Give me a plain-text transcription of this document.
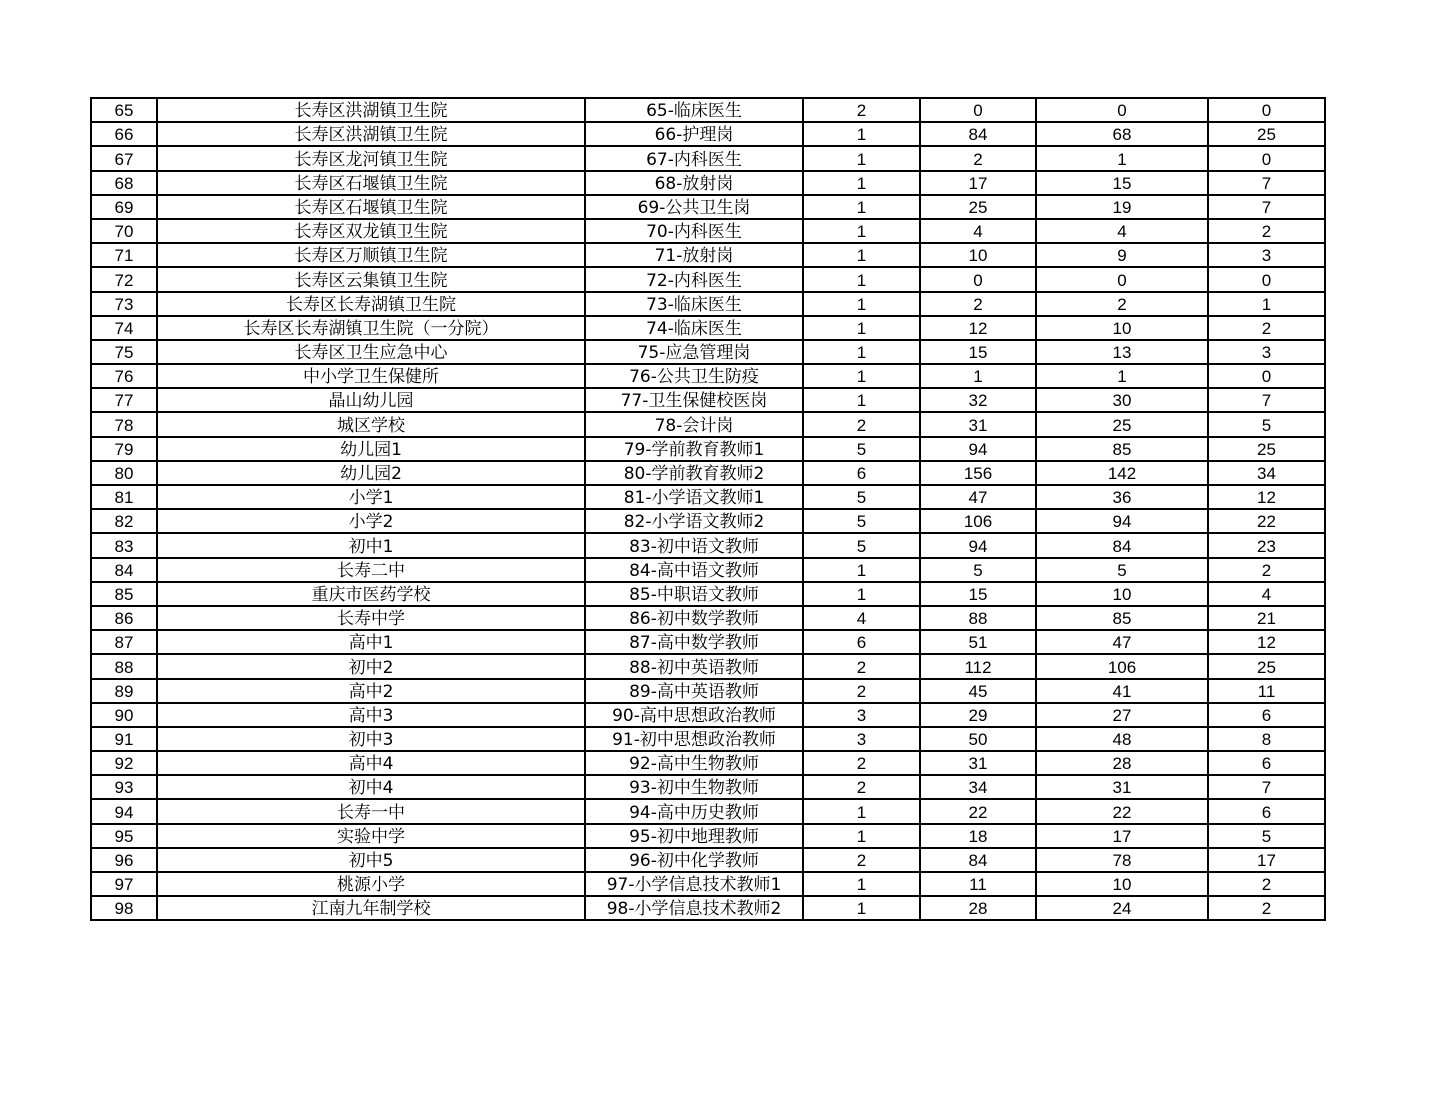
65	长寿区洪湖镇卫生院	65-临床医生	2	0	0	0
66	长寿区洪湖镇卫生院	66-护理岗	1	84	68	25
67	长寿区龙河镇卫生院	67-内科医生	1	2	1	0
68	长寿区石堰镇卫生院	68-放射岗	1	17	15	7
69	长寿区石堰镇卫生院	69-公共卫生岗	1	25	19	7
70	长寿区双龙镇卫生院	70-内科医生	1	4	4	2
71	长寿区万顺镇卫生院	71-放射岗	1	10	9	3
72	长寿区云集镇卫生院	72-内科医生	1	0	0	0
73	长寿区长寿湖镇卫生院	73-临床医生	1	2	2	1
74	长寿区长寿湖镇卫生院（一分院）	74-临床医生	1	12	10	2
75	长寿区卫生应急中心	75-应急管理岗	1	15	13	3
76	中小学卫生保健所	76-公共卫生防疫	1	1	1	0
77	晶山幼儿园	77-卫生保健校医岗	1	32	30	7
78	城区学校	78-会计岗	2	31	25	5
79	幼儿园1	79-学前教育教师1	5	94	85	25
80	幼儿园2	80-学前教育教师2	6	156	142	34
81	小学1	81-小学语文教师1	5	47	36	12
82	小学2	82-小学语文教师2	5	106	94	22
83	初中1	83-初中语文教师	5	94	84	23
84	长寿二中	84-高中语文教师	1	5	5	2
85	重庆市医药学校	85-中职语文教师	1	15	10	4
86	长寿中学	86-初中数学教师	4	88	85	21
87	高中1	87-高中数学教师	6	51	47	12
88	初中2	88-初中英语教师	2	112	106	25
89	高中2	89-高中英语教师	2	45	41	11
90	高中3	90-高中思想政治教师	3	29	27	6
91	初中3	91-初中思想政治教师	3	50	48	8
92	高中4	92-高中生物教师	2	31	28	6
93	初中4	93-初中生物教师	2	34	31	7
94	长寿一中	94-高中历史教师	1	22	22	6
95	实验中学	95-初中地理教师	1	18	17	5
96	初中5	96-初中化学教师	2	84	78	17
97	桃源小学	97-小学信息技术教师1	1	11	10	2
98	江南九年制学校	98-小学信息技术教师2	1	28	24	2
